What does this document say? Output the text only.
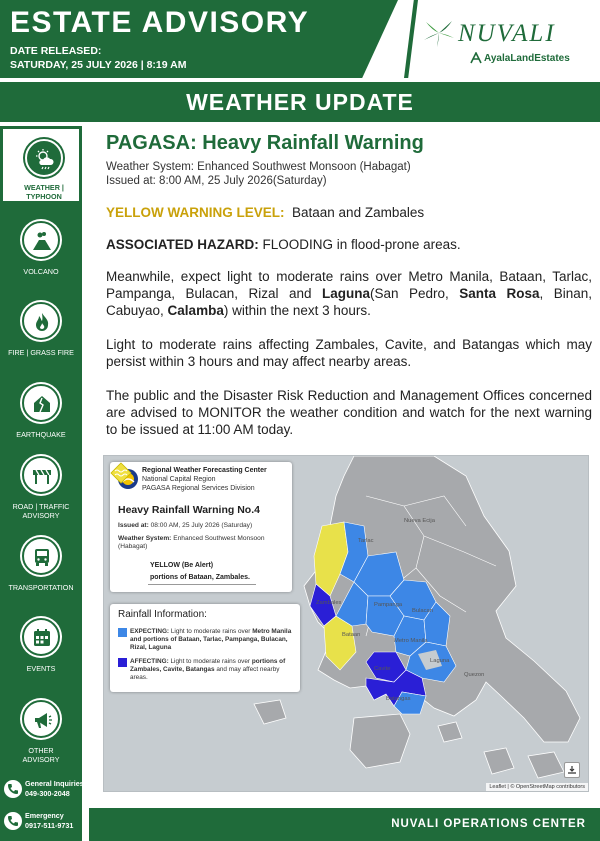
ESTATE ADVISORY
DATE RELEASED:
SATURDAY, 25 JULY 2026 | 8:19 AM
NUVALI
AyalaLandEstates
WEATHER UPDATE
WEATHER |
TYPHOON
VOLCANO
FIRE | GRASS FIRE
EARTHQUAKE
ROAD | TRAFFIC
ADVISORY
TRANSPORTATION
EVENTS
OTHER
ADVISORY
General Inquiries
049-300-2048
Emergency
0917-511-9731
PAGASA: Heavy Rainfall Warning
Weather System: Enhanced Southwest Monsoon (Habagat)
Issued at: 8:00 AM, 25 July 2026(Saturday)
YELLOW WARNING LEVEL: Bataan and Zambales
ASSOCIATED HAZARD: FLOODING in flood-prone areas.
Meanwhile, expect light to moderate rains over Metro Manila, Bataan, Tarlac, Pampanga, Bulacan, Rizal and Laguna(San Pedro, Santa Rosa, Binan, Cabuyao, Calamba) within the next 3 hours.
Light to moderate rains affecting Zambales, Cavite, and Batangas which may persist within 3 hours and may affect nearby areas.
The public and the Disaster Risk Reduction and Management Offices concerned are advised to MONITOR the weather condition and watch for the next warning to be issued at 11:00 AM today.
Nueva Ecija
Tarlac
Zambales	Pampanga
Bulacan
Metro Manila
Laguna
Cavite
Quezon
Batangas
Bataan
Regional Weather Forecasting Center
National Capital Region
PAGASA Regional Services Division
Heavy Rainfall Warning No.4
Issued at: 08:00 AM, 25 July 2026 (Saturday)
Weather System: Enhanced Southwest Monsoon (Habagat)
YELLOW (Be Alert)
portions of Bataan, Zambales.
Rainfall Information:
EXPECTING: Light to moderate rains over Metro Manila and portions of Bataan, Tarlac, Pampanga, Bulacan, Rizal, Laguna
AFFECTING: Light to moderate rains over portions of Zambales, Cavite, Batangas and may affect nearby areas.
Leaflet | © OpenStreetMap contributors
NUVALI OPERATIONS CENTER
